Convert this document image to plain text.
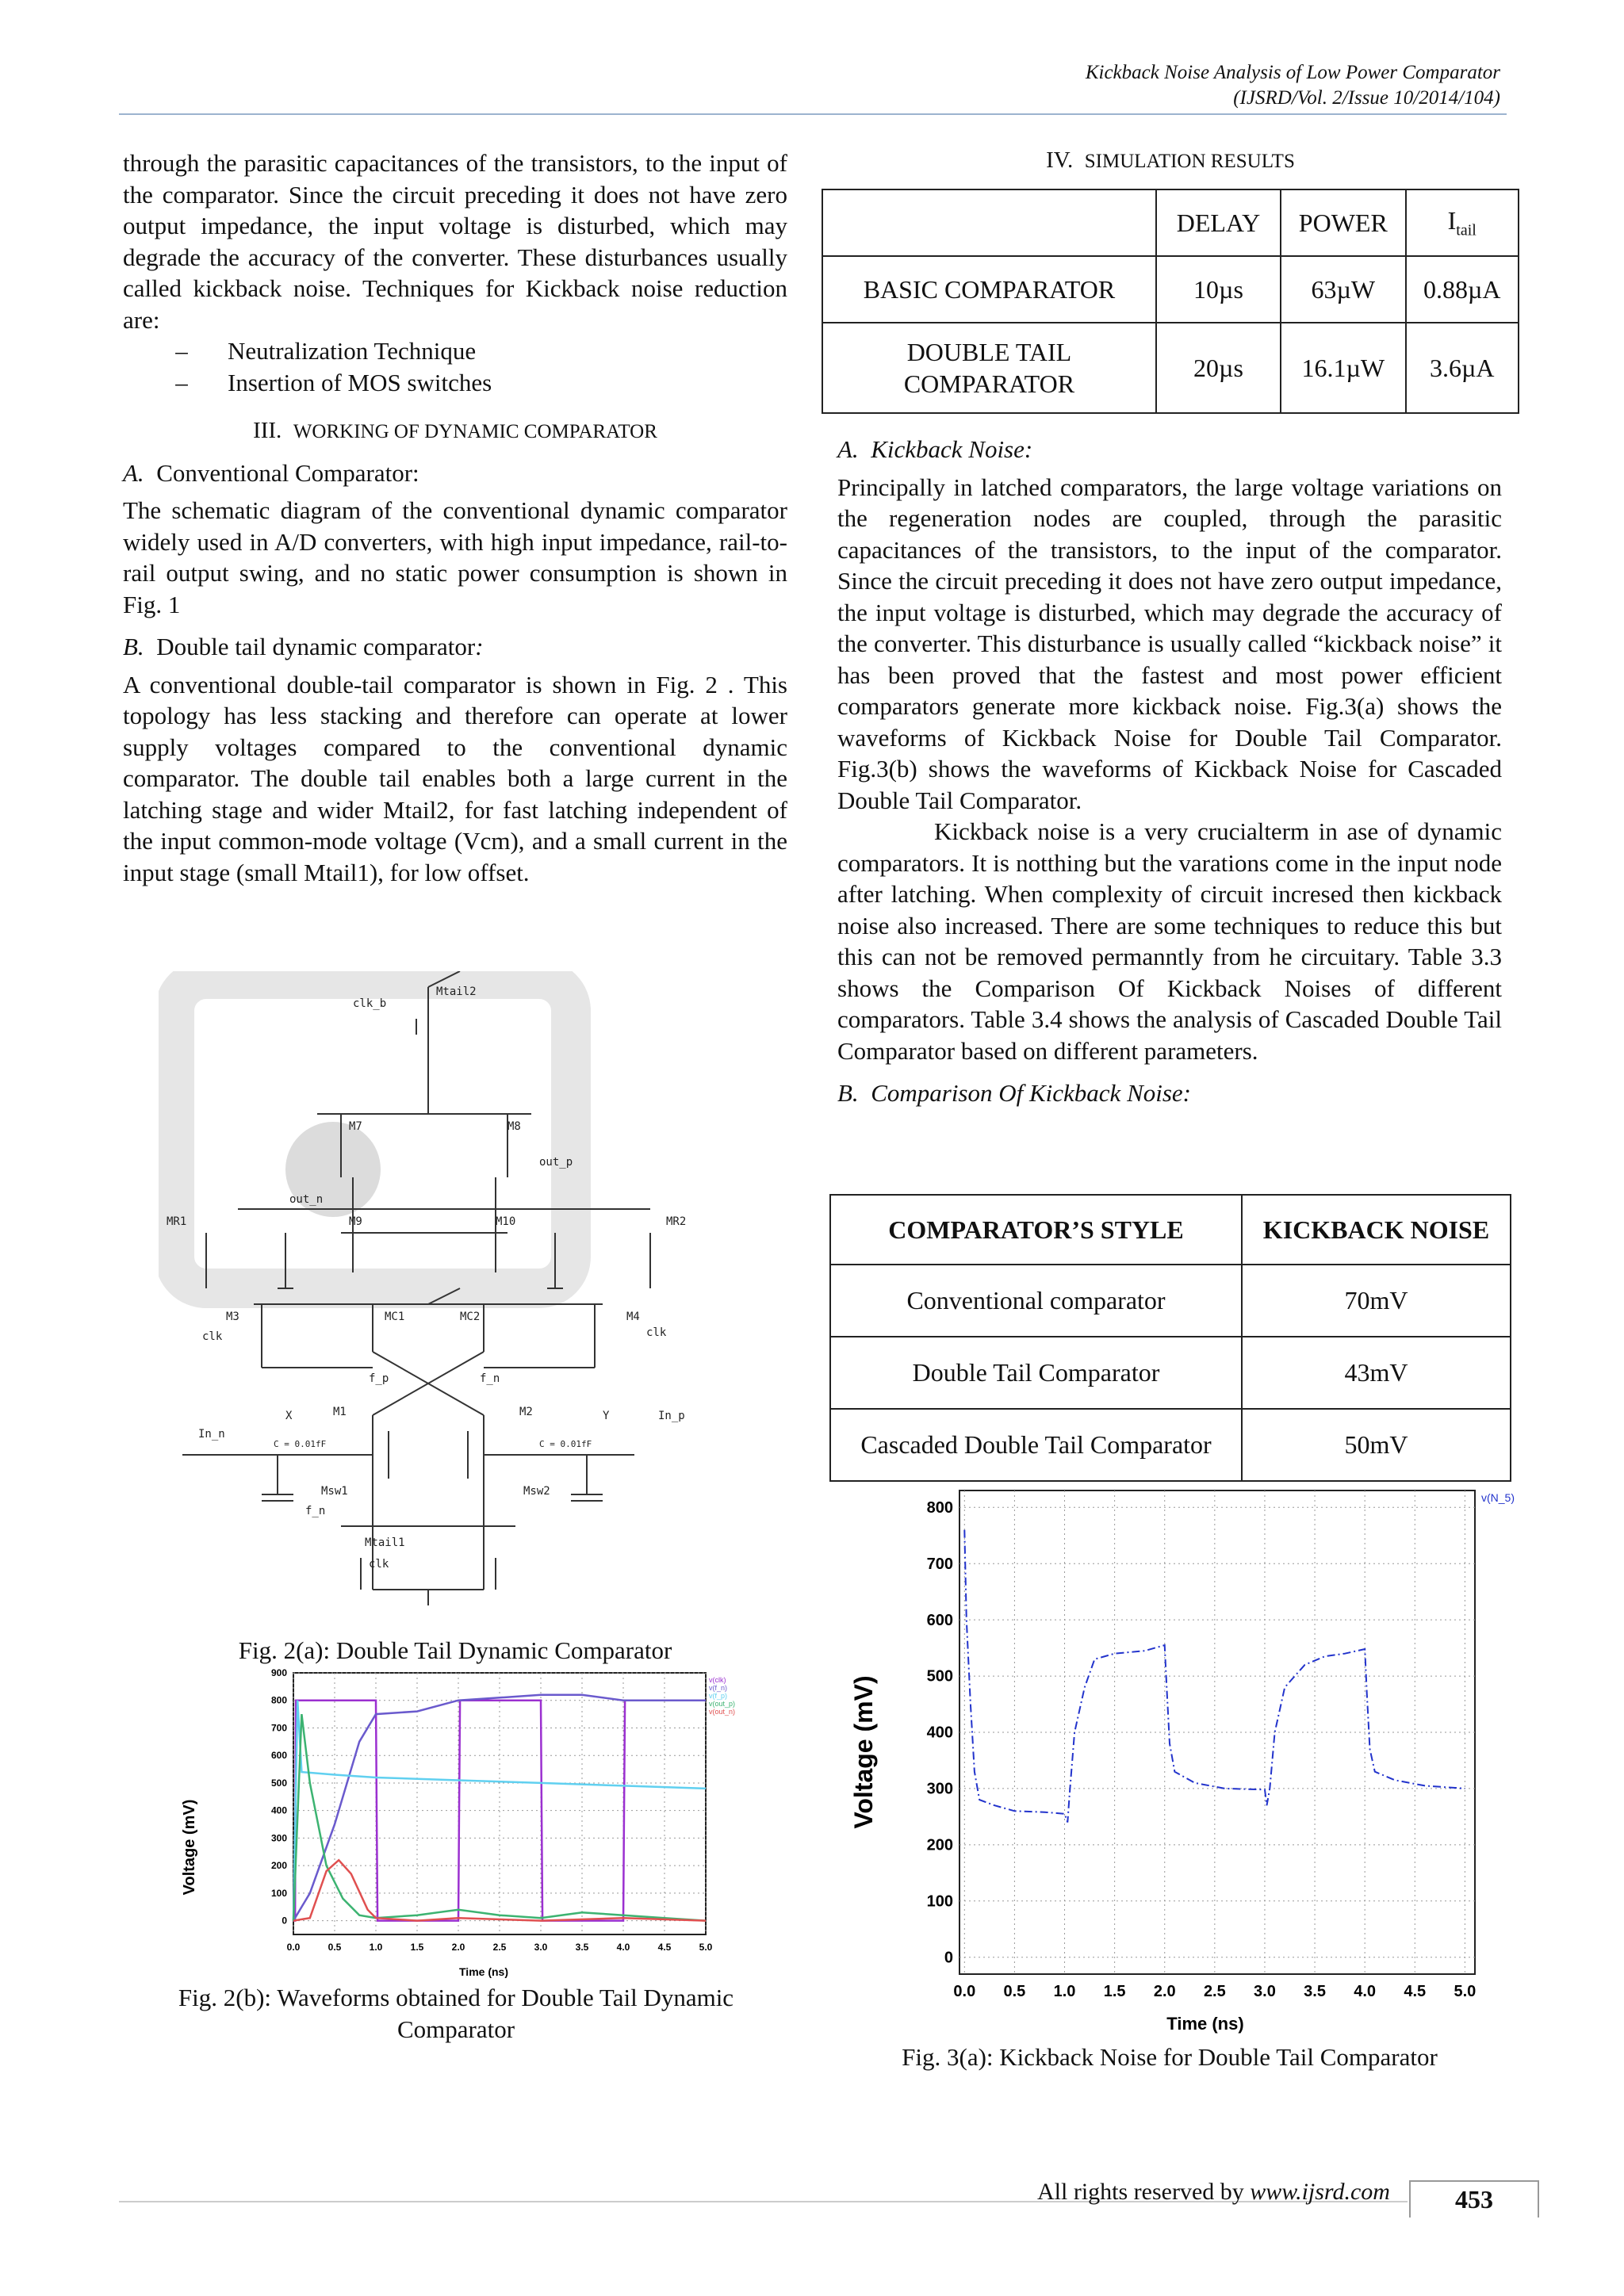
Kickback Noise Analysis of Low Power Comparator
(IJSRD/Vol. 2/Issue 10/2014/104)

through the parasitic capacitances of the transistors, to the input of the comparator. Since the circuit preceding it does not have zero output impedance, the input voltage is disturbed, which may degrade the accuracy of the converter. These disturbances usually called kickback noise. Techniques for Kickback noise reduction are:

–	Neutralization Technique
–	Insertion of MOS switches
III. WORKING OF DYNAMIC COMPARATOR
A. Conventional Comparator:

The schematic diagram of the conventional dynamic comparator widely used in A/D converters, with high input impedance, rail-to-rail output swing, and no static power consumption is shown in Fig. 1

B. Double tail dynamic comparator:

A conventional double-tail comparator is shown in Fig. 2 . This topology has less stacking and therefore can operate at lower supply voltages compared to the conventional dynamic comparator. The double tail enables both a large current in the latching stage and wider Mtail2, for fast latching independent of the input common-mode voltage (Vcm), and a small current in the input stage (small Mtail1), for low offset.

Mtail2
clk_b
M7	M8
out_p
out_n
MR1	M9	M10	MR2
M3	MC1	MC2	M4
clk	clk
f_p	f_n
M1	M2
X	Y
In_n
In_p
C = 0.01fF	C = 0.01fF
Msw1	Msw2
f_n
Mtail1
clk
Fig. 2(a): Double Tail Dynamic Comparator
0.0	0.5	1.0	1.5	2.0	2.5	3.0	3.5	4.0	4.5	5.0
0
100
200
300
400
500
600
700
800
900
v(clk)
v(f_n)
v(f_p)
v(out_p)
v(out_n)
Voltage (mV)
Time (ns)
Fig. 2(b): Waveforms obtained for Double Tail Dynamic Comparator
IV. SIMULATION RESULTS
	DELAY	POWER	$I_{tail}$
BASIC COMPARATOR	10µs	63µW	0.88µA
DOUBLE TAIL COMPARATOR	20µs	16.1µW	3.6µA
A. Kickback Noise:

Principally in latched comparators, the large voltage variations on the regeneration nodes are coupled, through the parasitic capacitances of the transistors, to the input of the comparator. Since the circuit preceding it does not have zero output impedance, the input voltage is disturbed, which may degrade the accuracy of the converter. This disturbance is usually called “kickback noise” it has been proved that the fastest and most power efficient comparators generate more kickback noise. Fig.3(a) shows the waveforms of Kickback Noise for Double Tail Comparator. Fig.3(b) shows the waveforms of Kickback Noise for Cascaded Double Tail Comparator.

Kickback noise is a very crucialterm in ase of dynamic comparators. It is notthing but the varations come in the input node after latching. When complexity of circuit incresed then kickback noise also increased. There are some techniques to reduce this but this can not be removed permanntly from he circuitary. Table 3.3 shows the Comparison Of Kickback Noises of different comparators. Table 3.4 shows the analysis of Cascaded Double Tail Comparator based on different parameters.

B. Comparison Of Kickback Noise:
COMPARATOR’S STYLE	KICKBACK NOISE
Conventional comparator	70mV
Double Tail Comparator	43mV
Cascaded Double Tail Comparator	50mV
0.0 0.5 1.0 1.5 2.0 2.5 3.0 3.5 4.0 4.5 5.0
0
100
200
300
400
500
600
700
800
Voltage (mV)
Time (ns)
v(N_5)
Fig. 3(a): Kickback Noise for Double Tail Comparator
All rights reserved by www.ijsrd.com	453
